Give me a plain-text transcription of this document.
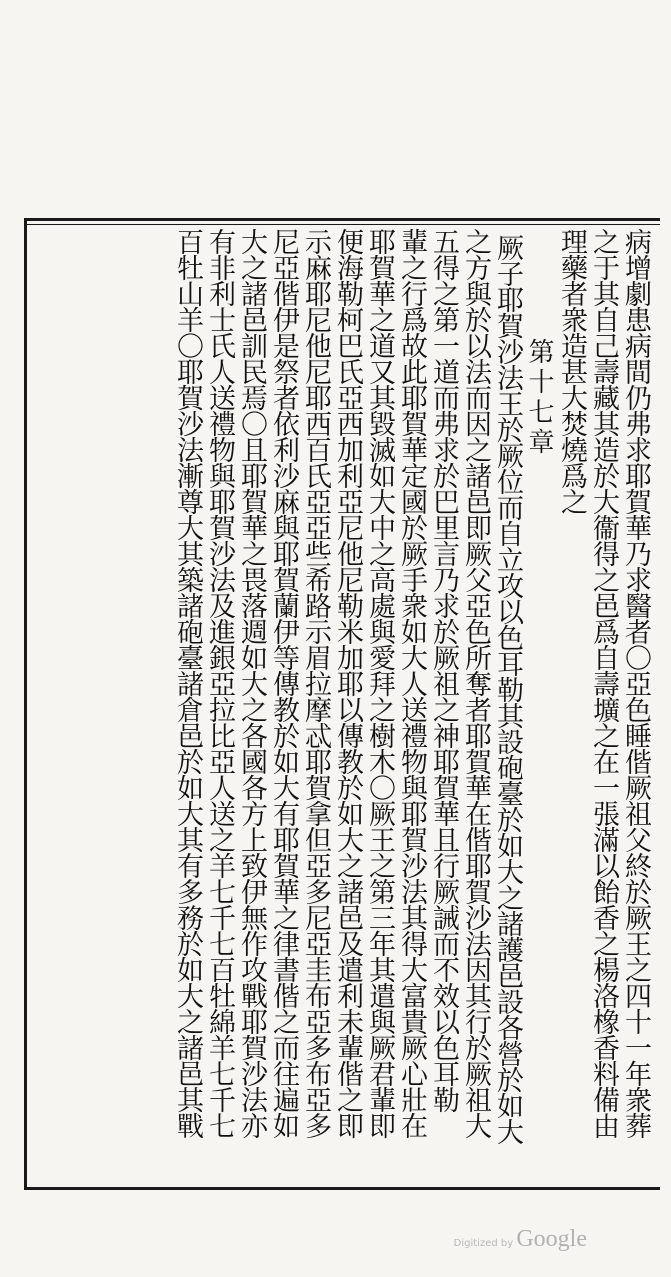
病增劇患病間仍弗求耶賀華乃求醫者〇亞色睡偕厥祖父終於厥王之四十一年衆葬
之于其自己壽藏其造於大衞得之邑爲自壽壙之在一張滿以飴香之楊洛橡香料備由
理藥者衆造甚大焚燒爲之
第十七章
厥子耶賀沙法王於厥位而自立攻以色耳勒其設砲臺於如大之諸護邑設各營於如大
之方與於以法而因之諸邑即厥父亞色所奪者耶賀華在偕耶賀沙法因其行於厥祖大
五得之第一道而弗求於巴里言乃求於厥祖之神耶賀華且行厥誡而不效以色耳勒
輩之行爲故此耶賀華定國於厥手衆如大人送禮物與耶賀沙法其得大富貴厥心壯在
耶賀華之道又其毀滅如大中之高處與愛拜之樹木〇厥王之第三年其遣與厥君輩即
便海勒柯巴氏亞西加利亞尼他尼勒米加耶以傳教於如大之諸邑及遣利未輩偕之即
示麻耶尼他尼耶西百氏亞亞些希路示眉拉摩忒耶賀拿但亞多尼亞圭布亞多布亞多
尼亞偕伊是祭者依利沙麻與耶賀蘭伊等傳教於如大有耶賀華之律書偕之而往遍如
大之諸邑訓民焉〇且耶賀華之畏落週如大之各國各方上致伊無作攻戰耶賀沙法亦
有非利士氏人送禮物與耶賀沙法及進銀亞拉比亞人送之羊七千七百牡綿羊七千七
百牡山羊〇耶賀沙法漸尊大其築諸砲臺諸倉邑於如大其有多務於如大之諸邑其戰
Digitized by Google
